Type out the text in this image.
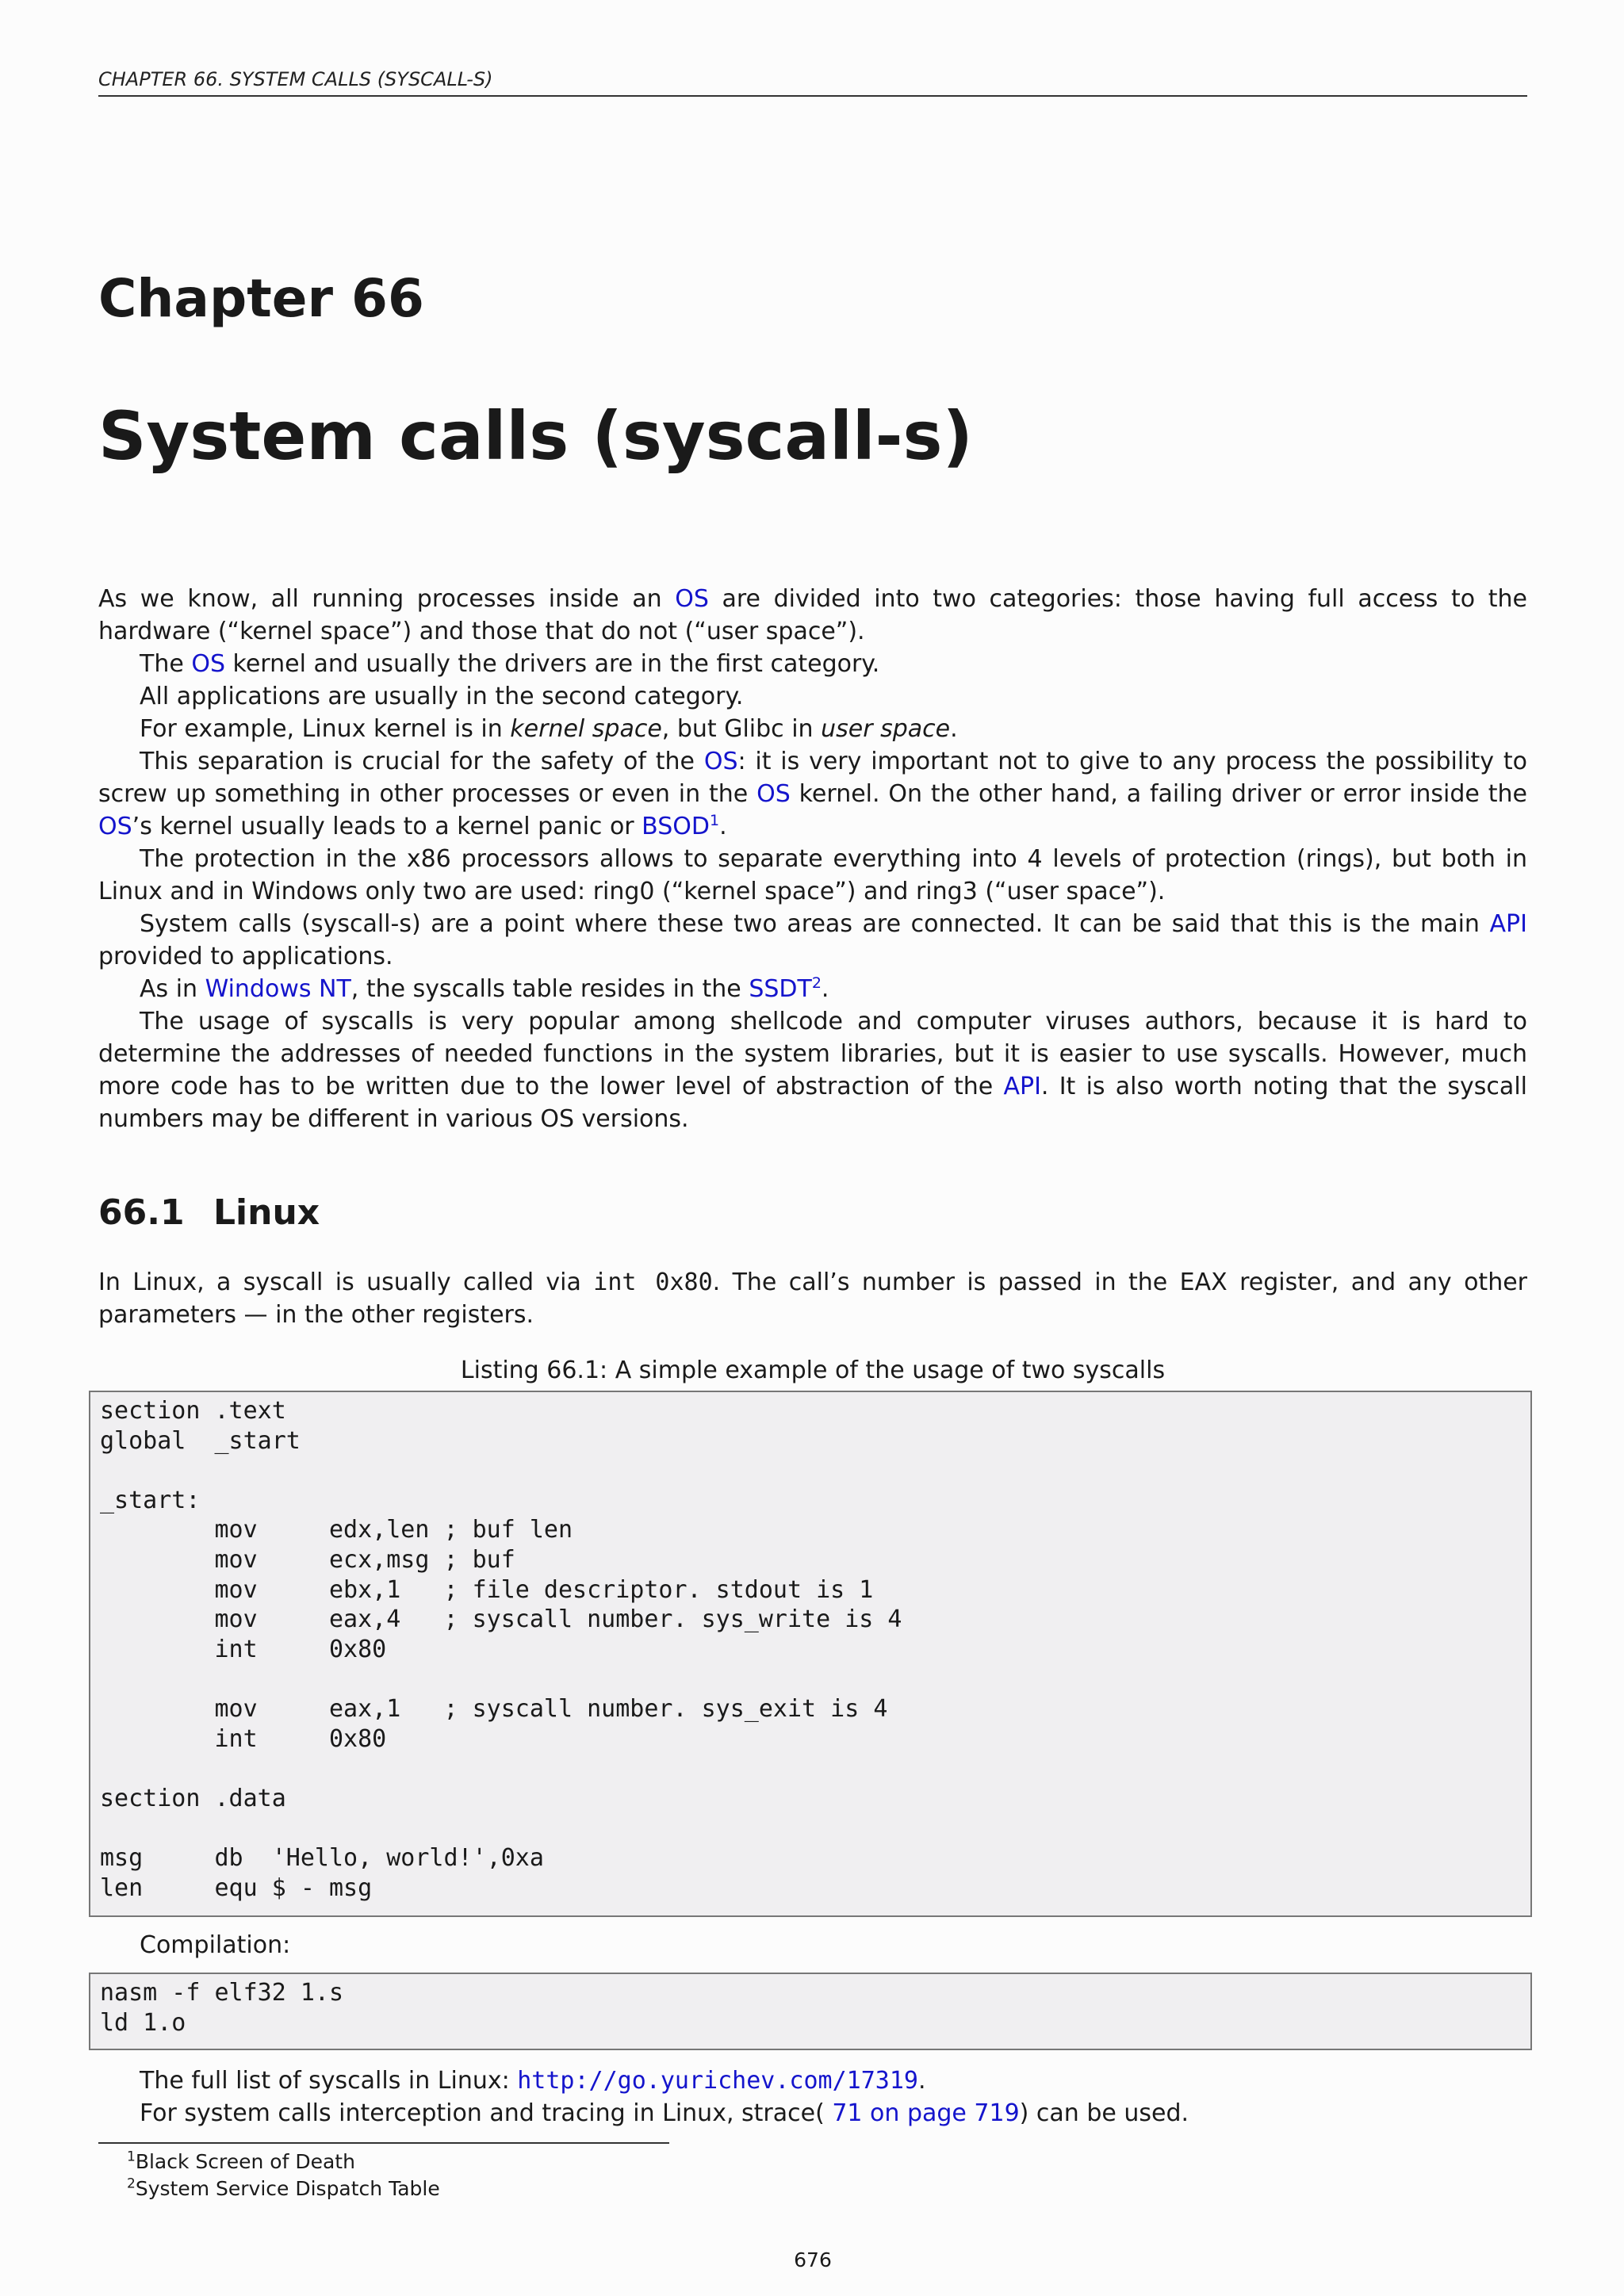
CHAPTER 66. SYSTEM CALLS (SYSCALL-S)
Chapter 66
System calls (syscall-s)

As we know, all running processes inside an OS are divided into two categories: those having full access to the hardware (“kernel space”) and those that do not (“user space”).

The OS kernel and usually the drivers are in the first category.

All applications are usually in the second category.

For example, Linux kernel is in kernel space, but Glibc in user space.

This separation is crucial for the safety of the OS: it is very important not to give to any process the possibility to screw up something in other processes or even in the OS kernel. On the other hand, a failing driver or error inside the OS’s kernel usually leads to a kernel panic or BSOD$^1$.

The protection in the x86 processors allows to separate everything into 4 levels of protection (rings), but both in Linux and in Windows only two are used: ring0 (“kernel space”) and ring3 (“user space”).

System calls (syscall-s) are a point where these two areas are connected. It can be said that this is the main API provided to applications.

As in Windows NT, the syscalls table resides in the SSDT$^2$.

The usage of syscalls is very popular among shellcode and computer viruses authors, because it is hard to determine the addresses of needed functions in the system libraries, but it is easier to use syscalls. However, much more code has to be written due to the lower level of abstraction of the API. It is also worth noting that the syscall numbers may be different in various OS versions.

66.1 Linux

In Linux, a syscall is usually called via int 0x80. The call’s number is passed in the EAX register, and any other parameters — in the other registers.

Listing 66.1: A simple example of the usage of two syscalls
section .text
global  _start

_start:
mov     edx,len ; buf len
mov     ecx,msg ; buf
mov     ebx,1   ; file descriptor. stdout is 1
mov     eax,4   ; syscall number. sys_write is 4
int     0x80

mov     eax,1   ; syscall number. sys_exit is 4
int     0x80

section .data

msg     db  'Hello, world!',0xa
len     equ $ - msg

Compilation:

nasm -f elf32 1.s
ld 1.o

The full list of syscalls in Linux: http://go.yurichev.com/17319.

For system calls interception and tracing in Linux, strace( 71 on page 719) can be used.

$^1$Black Screen of Death
$^2$System Service Dispatch Table
676
